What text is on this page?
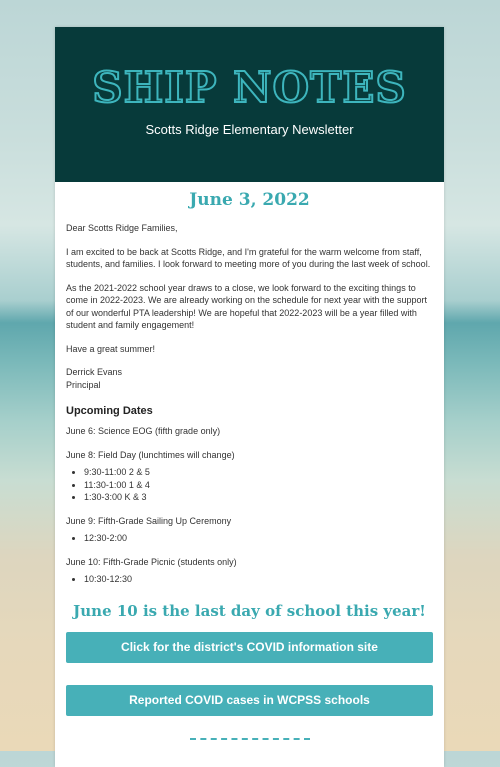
SHIP NOTES
Scotts Ridge Elementary Newsletter
June 3, 2022

Dear Scotts Ridge Families,

I am excited to be back at Scotts Ridge, and I'm grateful for the warm welcome from staff, students, and families. I look forward to meeting more of you during the last week of school.

As the 2021-2022 school year draws to a close, we look forward to the exciting things to come in 2022-2023. We are already working on the schedule for next year with the support of our wonderful PTA leadership! We are hopeful that 2022-2023 will be a year filled with student and family engagement!

Have a great summer!

Derrick Evans
Principal

Upcoming Dates

June 6: Science EOG (fifth grade only)

June 8: Field Day (lunchtimes will change)

• 9:30-11:00 2 & 5
• 11:30-1:00 1 & 4
• 1:30-3:00 K & 3

June 9: Fifth-Grade Sailing Up Ceremony

• 12:30-2:00

June 10: Fifth-Grade Picnic (students only)

• 10:30-12:30
June 10 is the last day of school this year!
Click for the district's COVID information site
Reported COVID cases in WCPSS schools
